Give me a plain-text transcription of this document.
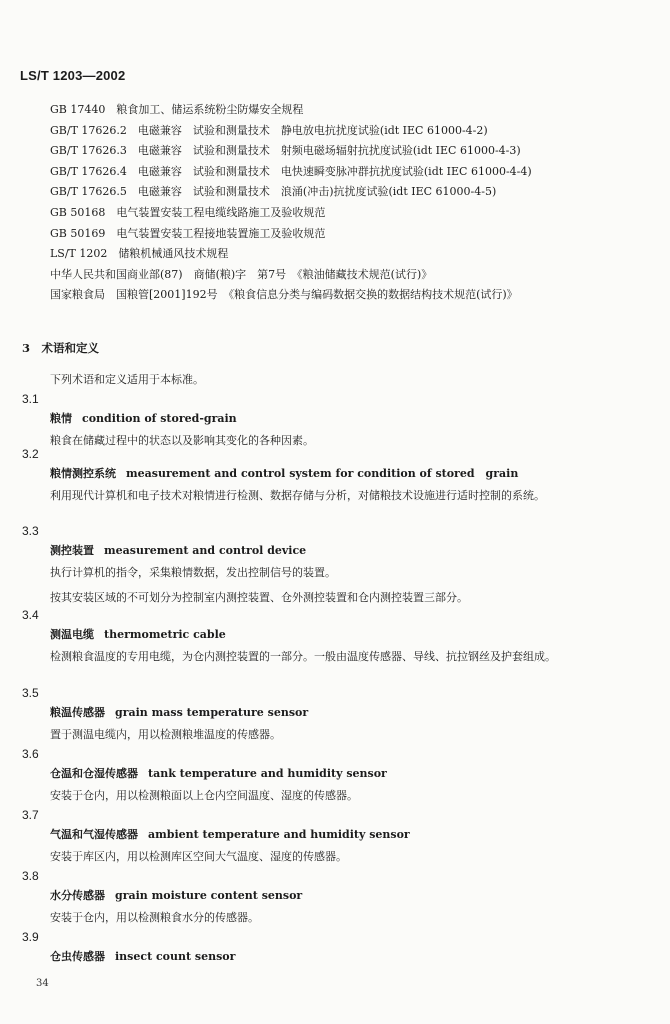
LS/T 1203—2002
GB 17440　粮食加工、储运系统粉尘防爆安全规程
GB/T 17626.2　电磁兼容　试验和测量技术　静电放电抗扰度试验(idt IEC 61000-4-2)
GB/T 17626.3　电磁兼容　试验和测量技术　射频电磁场辐射抗扰度试验(idt IEC 61000-4-3)
GB/T 17626.4　电磁兼容　试验和测量技术　电快速瞬变脉冲群抗扰度试验(idt IEC 61000-4-4)
GB/T 17626.5　电磁兼容　试验和测量技术　浪涌(冲击)抗扰度试验(idt IEC 61000-4-5)
GB 50168　电气装置安装工程电缆线路施工及验收规范
GB 50169　电气装置安装工程接地装置施工及验收规范
LS/T 1202　储粮机械通风技术规程
中华人民共和国商业部(87)　商储(粮)字　第7号　《粮油储藏技术规范(试行)》
国家粮食局　国粮管[2001]192号　《粮食信息分类与编码数据交换的数据结构技术规范(试行)》
3　术语和定义
下列术语和定义适用于本标准。
3.1
粮情 condition of stored-grain
粮食在储藏过程中的状态以及影响其变化的各种因素。
3.2
粮情测控系统 measurement and control system for condition of stored　grain
利用现代计算机和电子技术对粮情进行检测、数据存储与分析，对储粮技术设施进行适时控制的系统。
3.3
测控装置 measurement and control device
执行计算机的指令，采集粮情数据，发出控制信号的装置。
按其安装区域的不可划分为控制室内测控装置、仓外测控装置和仓内测控装置三部分。
3.4
测温电缆 thermometric cable
检测粮食温度的专用电缆，为仓内测控装置的一部分。一般由温度传感器、导线、抗拉钢丝及护套组成。
3.5
粮温传感器 grain mass temperature sensor
置于测温电缆内，用以检测粮堆温度的传感器。
3.6
仓温和仓湿传感器 tank temperature and humidity sensor
安装于仓内，用以检测粮面以上仓内空间温度、湿度的传感器。
3.7
气温和气湿传感器 ambient temperature and humidity sensor
安装于库区内，用以检测库区空间大气温度、湿度的传感器。
3.8
水分传感器 grain moisture content sensor
安装于仓内，用以检测粮食水分的传感器。
3.9
仓虫传感器 insect count sensor
34
